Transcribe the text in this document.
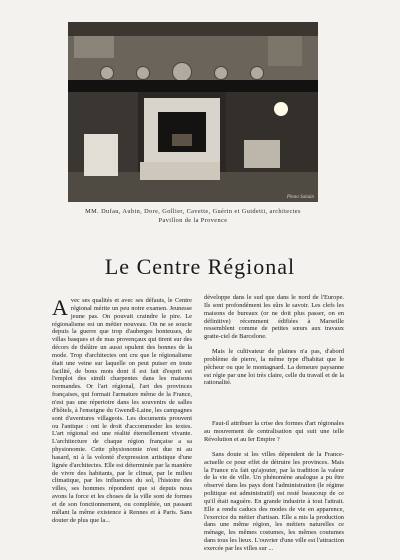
Photo Salaün
MM. Dufau, Aubin, Dore, Gollier, Cavette, Guérin et Guidetti, architectes
Pavillon de la Provence
Le Centre Régional

Avec ses qualités et avec ses défauts, le Centre régional mérite un peu notre examen. Jeunesse jeune pas. On pouvait craindre le pire. Le régionalisme est un métier nouveau. On ne se soucie depuis la guerre que trop d'auberges honteuses, de villas basques et de mas provençaux qui tirent sur des décors de théâtre un aussi opulent des bonnes de la mode. Trop d'architectes ont cru que le régionalisme était une veine sur laquelle on peut puiser en toute facilité, de bons mots dont il est fait d'esprit est l'emploi des simili charpentes dans les maisons normandes. Or l'art régional, l'art des provinces françaises, qui formait l'armature même de la France, n'est pas une répertoire dans les souvenirs de salles d'hôtels, à l'enseigne du Gwendl-Laine, les campagnes sont d'aventures villageois. Les documents prouvent ou l'antique : ont le droit d'accommoder les textes. L'art régional est une réalité éternellement vivante. L'architecture de chaque région française a sa physionomie. Cette physionomie n'est due ni au hasard, ni à la volonté d'expression artistique d'une lignée d'architectes. Elle est déterminée par la manière de vivre des habitants, par le climat, par le milieu climatique, par les influences du sol, l'histoire des villes, ses hommes répondent que si depuis nous avons la force et les choses de la ville sont de formes et de son fonctionnement, ou complétée, un passant mêlant la même existence à Rennes et à Paris. Sans douter de plus que la...

développe dans le sud que dans le nord de l'Europe. Ils sont profondément les sûrs le savoir. Les clefs les maisons de bureaux (or ne doit plus passer, on en définitive) récemment édifiées à Marseille ressemblent comme de petites sœurs aux travaux gratte-ciel de Barcelone.

Mais le cultivateur de plaines n'a pas, d'abord problème de pierre, la même type d'habitat que le pêcheur ou que le montagnard. La demeure paysanne est régie par une loi très claire, celle du travail et de la rationalité.

Faut-il attribuer la crise des formes d'art régionales au mouvement de centralisation qui suit une telle Révolution et au Ier Empire ?

Sans doute si les villes dépendent de la France-actuelle ce pour effet de détruire les provinces. Mais la France n'a fait qu'ajouter, par la tradition la valeur de la vie de ville. Un phénomène analogue a pu être observé dans les pays dont l'administration (le régime politique est administratif) est resté beaucoup de ce qu'il était naguère. En grande industrie à tout l'attrait. Elle a rendu caducs des modes de vie en apparence, l'exercice du métier d'artisan. Elle a mis la production dans une même région, les métiers naturelles ce ménage, les mêmes costumes, les mêmes coutumes dans tous les lieux. L'ouvrier d'une ville est l'attraction exercée par les villes sur ...
